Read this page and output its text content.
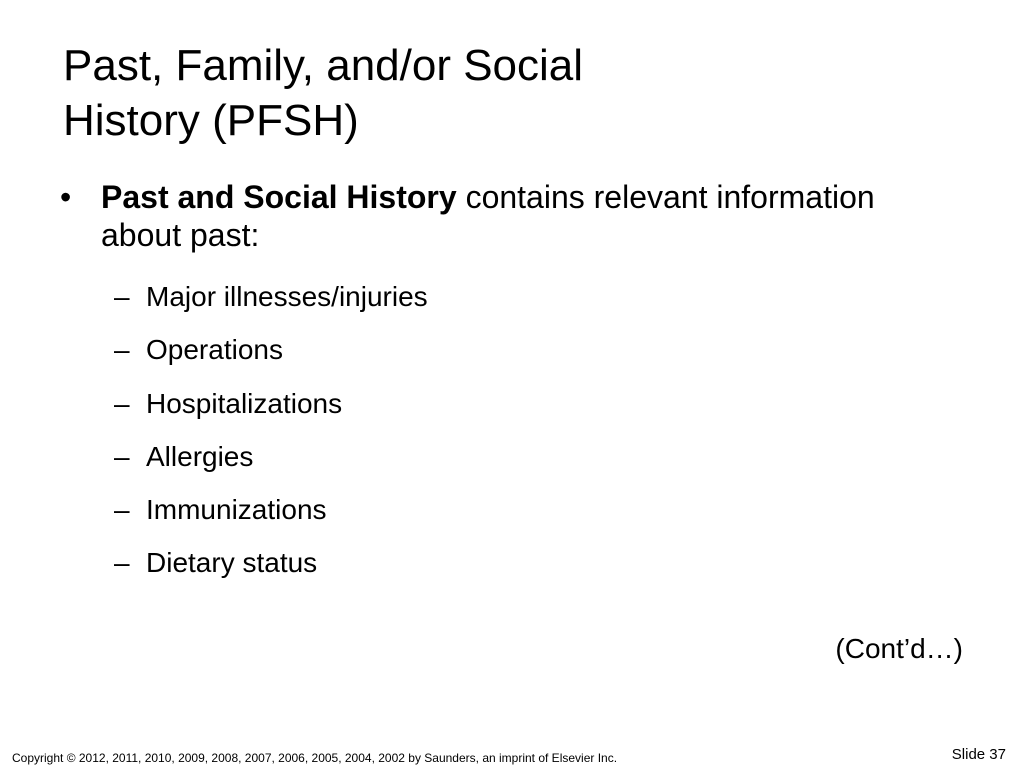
Past, Family, and/or Social
History (PFSH)
• Past and Social History contains relevant information about past:
– Major illnesses/injuries
– Operations
– Hospitalizations
– Allergies
– Immunizations
– Dietary status
(Cont’d…)
Copyright © 2012, 2011, 2010, 2009, 2008, 2007, 2006, 2005, 2004, 2002 by Saunders, an imprint of Elsevier Inc.	Slide 37
